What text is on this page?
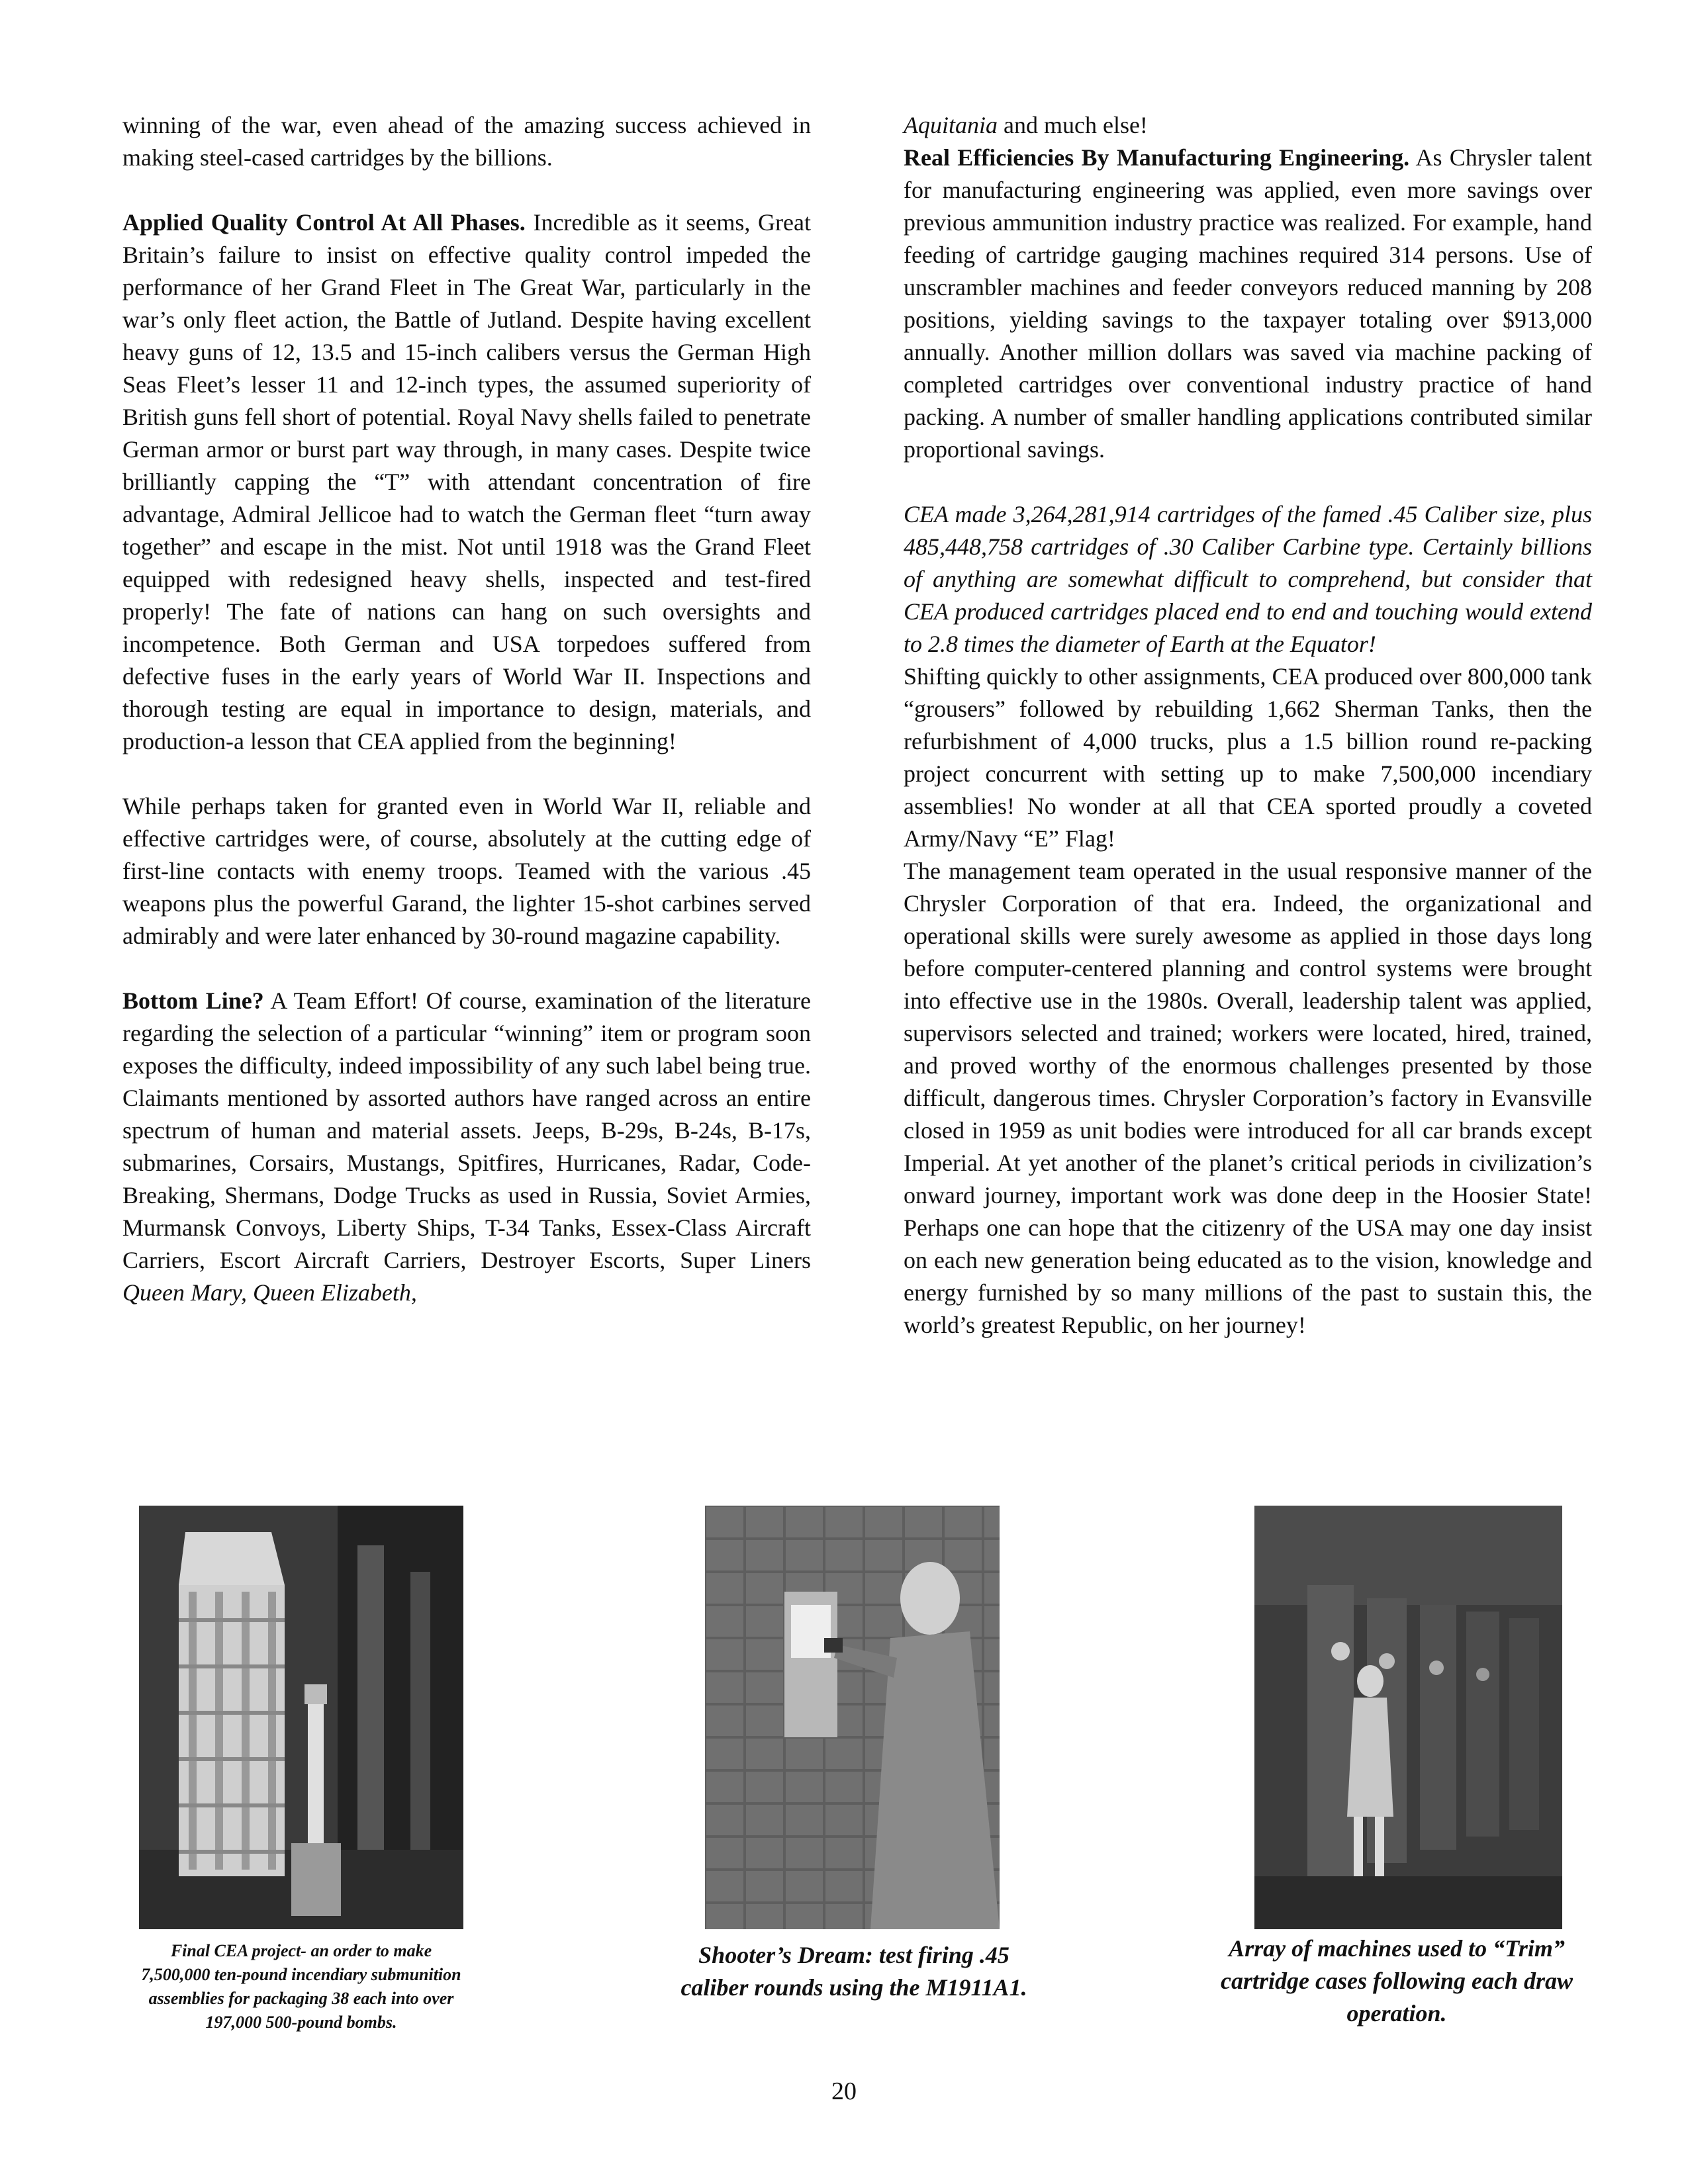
winning of the war, even ahead of the amazing success achieved in making steel-cased cartridges by the billions.

Applied Quality Control At All Phases. Incredible as it seems, Great Britain’s failure to insist on effective quality control impeded the performance of her Grand Fleet in The Great War, particularly in the war’s only fleet action, the Battle of Jutland. Despite having excellent heavy guns of 12, 13.5 and 15-inch calibers versus the German High Seas Fleet’s lesser 11 and 12-inch types, the assumed superiority of British guns fell short of potential. Royal Navy shells failed to penetrate German armor or burst part way through, in many cases. Despite twice brilliantly capping the “T” with attendant concentration of fire advantage, Admiral Jellicoe had to watch the German fleet “turn away together” and escape in the mist. Not until 1918 was the Grand Fleet equipped with redesigned heavy shells, inspected and test-fired properly! The fate of nations can hang on such oversights and incompetence. Both German and USA torpedoes suffered from defective fuses in the early years of World War II. Inspections and thorough testing are equal in importance to design, materials, and production-a lesson that CEA applied from the beginning!

While perhaps taken for granted even in World War II, reliable and effective cartridges were, of course, absolutely at the cutting edge of first-line contacts with enemy troops. Teamed with the various .45 weapons plus the powerful Garand, the lighter 15-shot carbines served admirably and were later enhanced by 30-round magazine capability.

Bottom Line? A Team Effort! Of course, examination of the literature regarding the selection of a particular “winning” item or program soon exposes the difficulty, indeed impossibility of any such label being true. Claimants mentioned by assorted authors have ranged across an entire spectrum of human and material assets. Jeeps, B-29s, B-24s, B-17s, submarines, Corsairs, Mustangs, Spitfires, Hurricanes, Radar, Code-Breaking, Shermans, Dodge Trucks as used in Russia, Soviet Armies, Murmansk Convoys, Liberty Ships, T-34 Tanks, Essex-Class Aircraft Carriers, Escort Aircraft Carriers, Destroyer Escorts, Super Liners Queen Mary, Queen Elizabeth,

Aquitania and much else!

Real Efficiencies By Manufacturing Engineering. As Chrysler talent for manufacturing engineering was applied, even more savings over previous ammunition industry practice was realized. For example, hand feeding of cartridge gauging machines required 314 persons. Use of unscrambler machines and feeder conveyors reduced manning by 208 positions, yielding savings to the taxpayer totaling over $913,000 annually. Another million dollars was saved via machine packing of completed cartridges over conventional industry practice of hand packing. A number of smaller handling applications contributed similar proportional savings.

CEA made 3,264,281,914 cartridges of the famed .45 Caliber size, plus 485,448,758 cartridges of .30 Caliber Carbine type. Certainly billions of anything are somewhat difficult to comprehend, but consider that CEA produced cartridges placed end to end and touching would extend to 2.8 times the diameter of Earth at the Equator!

Shifting quickly to other assignments, CEA produced over 800,000 tank “grousers” followed by rebuilding 1,662 Sherman Tanks, then the refurbishment of 4,000 trucks, plus a 1.5 billion round re-packing project concurrent with setting up to make 7,500,000 incendiary assemblies! No wonder at all that CEA sported proudly a coveted Army/Navy “E” Flag!

The management team operated in the usual responsive manner of the Chrysler Corporation of that era. Indeed, the organizational and operational skills were surely awesome as applied in those days long before computer-centered planning and control systems were brought into effective use in the 1980s. Overall, leadership talent was applied, supervisors selected and trained; workers were located, hired, trained, and proved worthy of the enormous challenges presented by those difficult, dangerous times. Chrysler Corporation’s factory in Evansville closed in 1959 as unit bodies were introduced for all car brands except Imperial. At yet another of the planet’s critical periods in civilization’s onward journey, important work was done deep in the Hoosier State! Perhaps one can hope that the citizenry of the USA may one day insist on each new generation being educated as to the vision, knowledge and energy furnished by so many millions of the past to sustain this, the world’s greatest Republic, on her journey!

Final CEA project- an order to make 7,500,000 ten-pound incendiary submunition assemblies for packaging 38 each into over 197,000 500-pound bombs.
Shooter’s Dream: test firing .45 caliber rounds using the M1911A1.
Array of machines used to “Trim” cartridge cases following each draw operation.
20
